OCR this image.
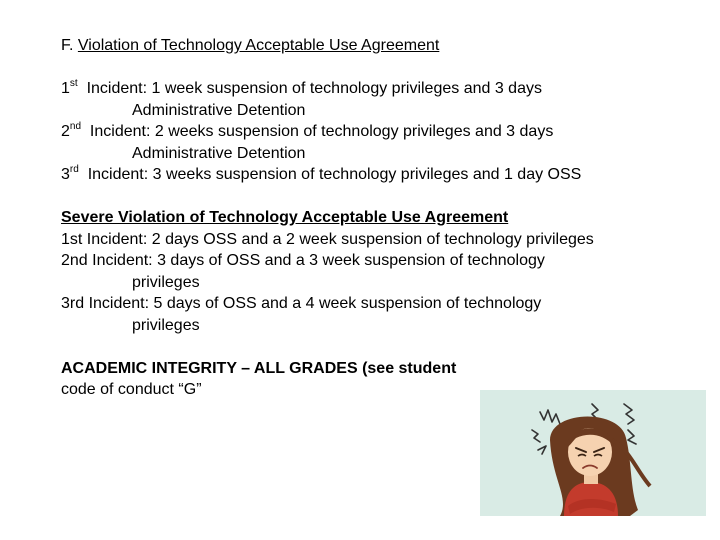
F. Violation of Technology Acceptable Use Agreement
1st Incident: 1 week suspension of technology privileges and 3 days
Administrative Detention
2nd Incident: 2 weeks suspension of technology privileges and 3 days
Administrative Detention
3rd Incident: 3 weeks suspension of technology privileges and 1 day OSS
Severe Violation of Technology Acceptable Use Agreement
1st Incident: 2 days OSS and a 2 week suspension of technology privileges
2nd Incident: 3 days of OSS and a 3 week suspension of technology
privileges
3rd Incident: 5 days of OSS and a 4 week suspension of technology
privileges
ACADEMIC INTEGRITY – ALL GRADES (see student
code of conduct “G”
